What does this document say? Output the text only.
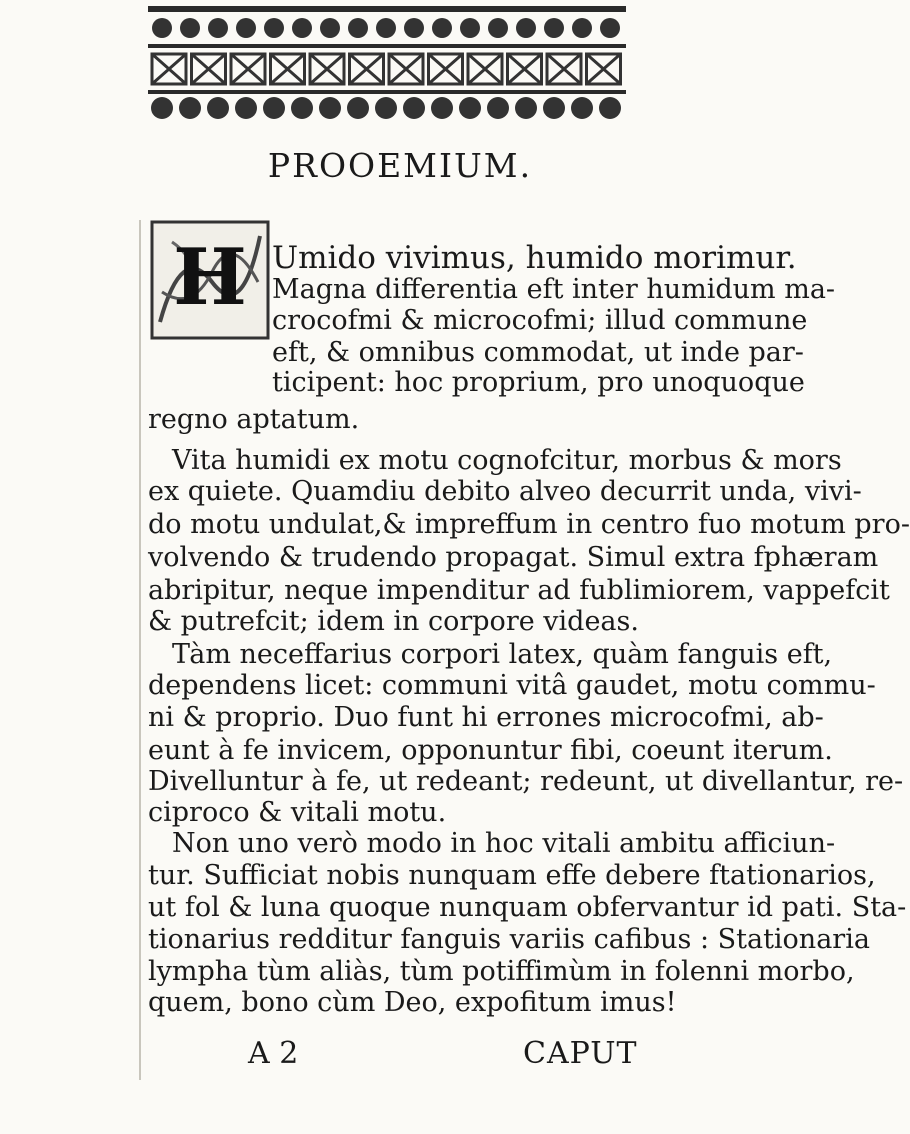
PROOEMIUM.
H Umido vivimus, humido morimur.
Magna differentia eft inter humidum ma-
crocofmi & microcofmi; illud commune
eft, & omnibus commodat, ut inde par-
ticipent: hoc proprium, pro unoquoque
regno aptatum.
Vita humidi ex motu cognofcitur, morbus & mors
ex quiete. Quamdiu debito alveo decurrit unda, vivi-
do motu undulat,& impreffum in centro fuo motum pro-
volvendo & trudendo propagat. Simul extra fphæram
abripitur, neque impenditur ad fublimiorem, vappefcit
& putrefcit; idem in corpore videas.
Tàm neceffarius corpori latex, quàm fanguis eft,
dependens licet: communi vitâ gaudet, motu commu-
ni & proprio. Duo funt hi errones microcofmi, ab-
eunt à fe invicem, opponuntur fibi, coeunt iterum.
Divelluntur à fe, ut redeant; redeunt, ut divellantur, re-
ciproco & vitali motu.
Non uno verò modo in hoc vitali ambitu afficiun-
tur. Sufficiat nobis nunquam effe debere ftationarios,
ut fol & luna quoque nunquam obfervantur id pati. Sta-
tionarius redditur fanguis variis cafibus : Stationaria
lympha tùm aliàs, tùm potiffimùm in folenni morbo,
quem, bono cùm Deo, expofitum imus!
A 2	CAPUT
